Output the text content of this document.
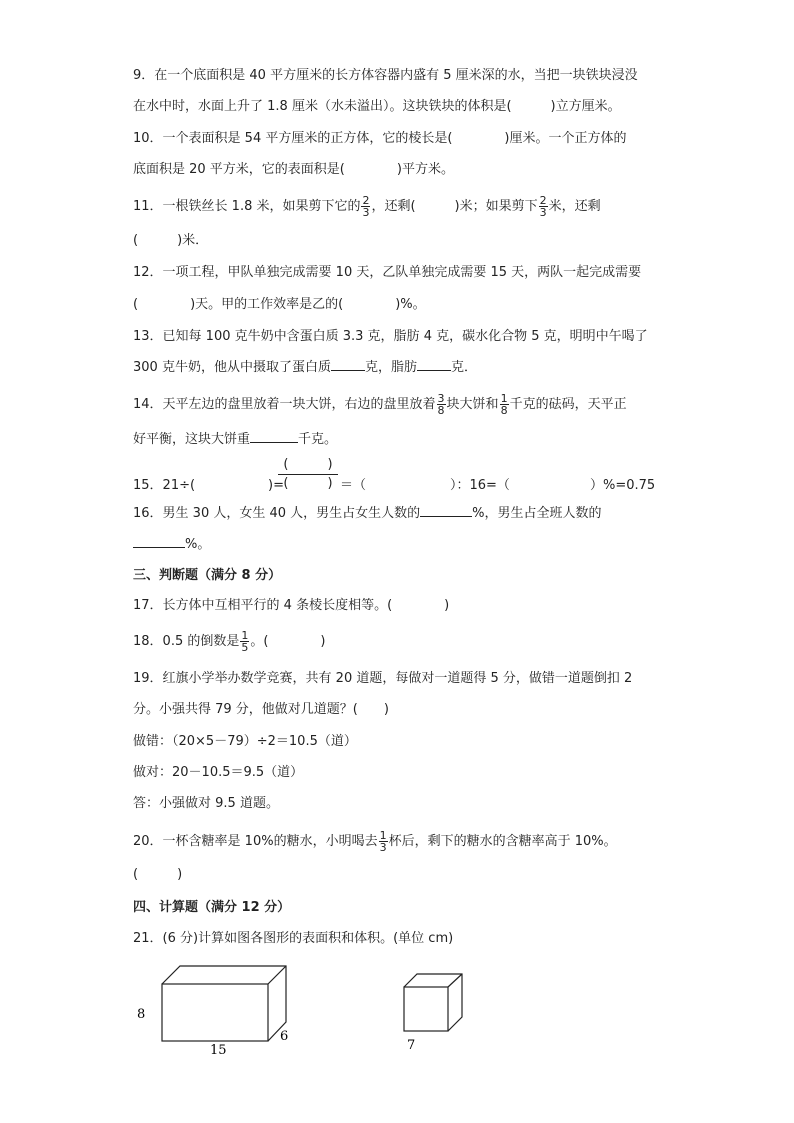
9．在一个底面积是 40 平方厘米的长方体容器内盛有 5 厘米深的水，当把一块铁块浸没
在水中时，水面上升了 1.8 厘米（水未溢出）。这块铁块的体积是(　　　)立方厘米。
10．一个表面积是 54 平方厘米的正方体，它的棱长是(　　　　)厘米。一个正方体的
底面积是 20 平方米，它的表面积是(　　　　)平方米。
11．一根铁丝长 1.8 米，如果剪下它的 $\frac{2}{3}$ ，还剩(　　　)米；如果剪下 $\frac{2}{3}$ 米，还剩
(　　　)米．
12．一项工程，甲队单独完成需要 10 天，乙队单独完成需要 15 天，两队一起完成需要
(　　　　)天。甲的工作效率是乙的(　　　　)%。
13．已知每 100 克牛奶中含蛋白质 3.3 克，脂肪 4 克，碳水化合物 5 克，明明中午喝了
300 克牛奶，他从中摄取了蛋白质	克，脂肪	克．
14．天平左边的盘里放着一块大饼，右边的盘里放着 $\frac{3}{8}$ 块大饼和 $\frac{1}{8}$ 千克的砝码，天平正
好平衡，这块大饼重	千克。
15．21÷(	)=
(　　　)
(　　　) ＝（	）：16=（	）%=0.75
16．男生 30 人，女生 40 人，男生占女生人数的	%，男生占全班人数的
%。
三、判断题（满分 8 分）
17．长方体中互相平行的 4 条棱长度相等。(　　　　)
18．0.5 的倒数是 $\frac{1}{5}$ 。(　　　　)
19．红旗小学举办数学竞赛，共有 20 道题，每做对一道题得 5 分，做错一道题倒扣 2
分。小强共得 79 分，他做对几道题？(　　)
做错：（20×5－79）÷2＝10.5（道）
做对：20－10.5＝9.5（道）
答：小强做对 9.5 道题。
20．一杯含糖率是 10%的糖水，小明喝去 $\frac{1}{3}$ 杯后，剩下的糖水的含糖率高于 10%。
(　　　)
四、计算题（满分 12 分）
21．(6 分)计算如图各图形的表面积和体积。(单位 cm)
8
15
6
7
